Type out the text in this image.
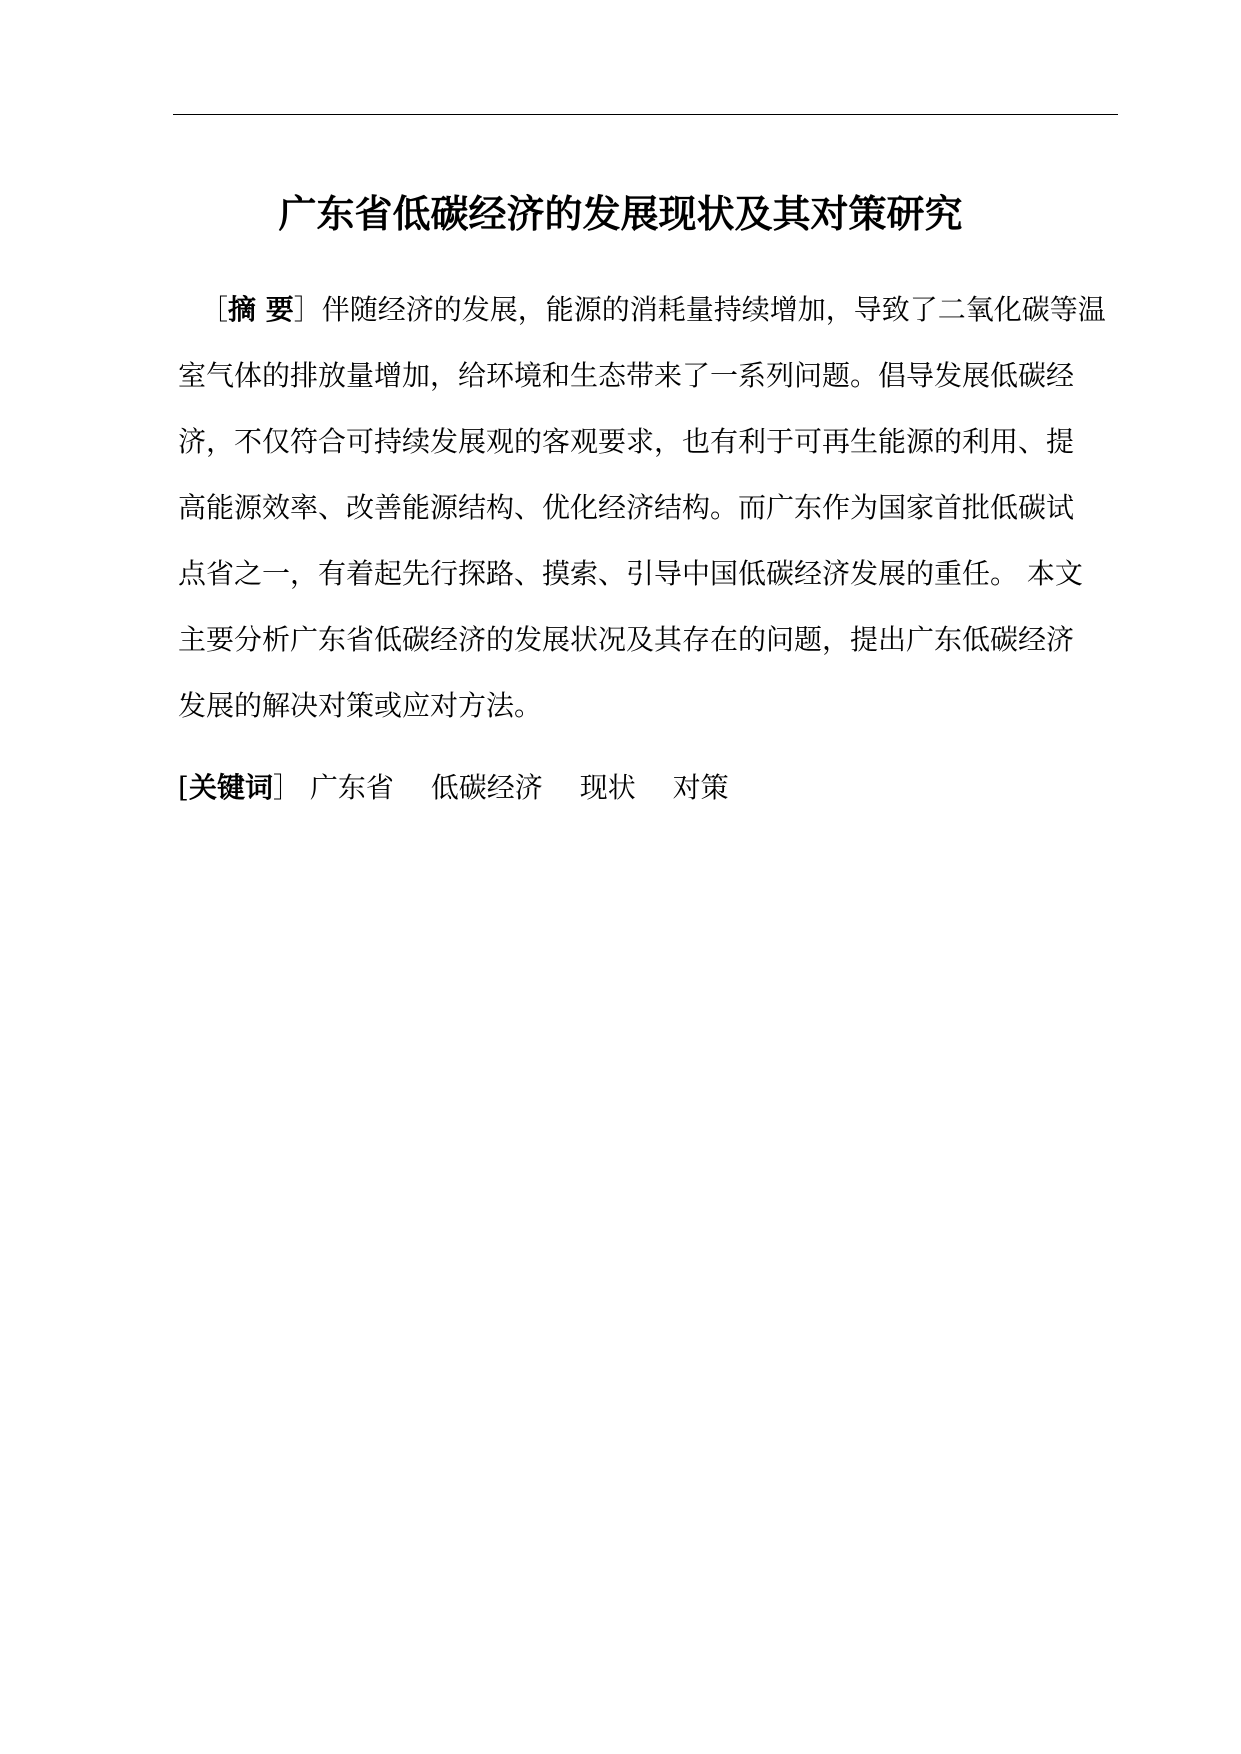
广东省低碳经济的发展现状及其对策研究
［摘 要］伴随经济的发展，能源的消耗量持续增加，导致了二氧化碳等温
室气体的排放量增加，给环境和生态带来了一系列问题。倡导发展低碳经
济，不仅符合可持续发展观的客观要求，也有利于可再生能源的利用、提
高能源效率、改善能源结构、优化经济结构。而广东作为国家首批低碳试
点省之一，有着起先行探路、摸索、引导中国低碳经济发展的重任。 本文
主要分析广东省低碳经济的发展状况及其存在的问题，提出广东低碳经济
发展的解决对策或应对方法。
[关键词］ 广东省 低碳经济 现状 对策
